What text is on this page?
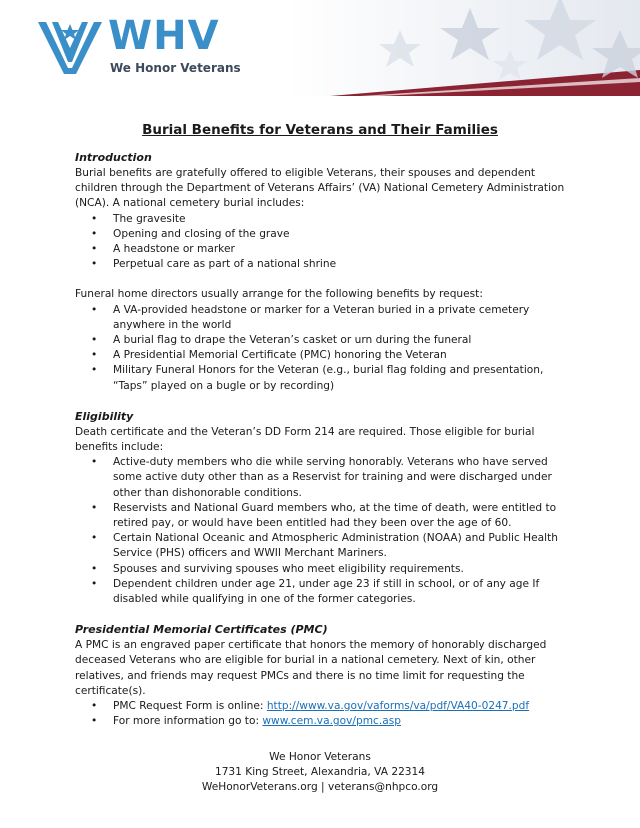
WHV
We Honor Veterans
Burial Benefits for Veterans and Their Families
Introduction
Burial benefits are gratefully offered to eligible Veterans, their spouses and dependent children through the Department of Veterans Affairs’ (VA) National Cemetery Administration (NCA). A national cemetery burial includes:
• The gravesite
• Opening and closing of the grave
• A headstone or marker
• Perpetual care as part of a national shrine
Funeral home directors usually arrange for the following benefits by request:
• A VA-provided headstone or marker for a Veteran buried in a private cemetery anywhere in the world
• A burial flag to drape the Veteran’s casket or urn during the funeral
• A Presidential Memorial Certificate (PMC) honoring the Veteran
• Military Funeral Honors for the Veteran (e.g., burial flag folding and presentation, “Taps” played on a bugle or by recording)
Eligibility
Death certificate and the Veteran’s DD Form 214 are required. Those eligible for burial benefits include:
• Active-duty members who die while serving honorably. Veterans who have served some active duty other than as a Reservist for training and were discharged under other than dishonorable conditions.
• Reservists and National Guard members who, at the time of death, were entitled to retired pay, or would have been entitled had they been over the age of 60.
• Certain National Oceanic and Atmospheric Administration (NOAA) and Public Health Service (PHS) officers and WWII Merchant Mariners.
• Spouses and surviving spouses who meet eligibility requirements.
• Dependent children under age 21, under age 23 if still in school, or of any age If disabled while qualifying in one of the former categories.
Presidential Memorial Certificates (PMC)
A PMC is an engraved paper certificate that honors the memory of honorably discharged deceased Veterans who are eligible for burial in a national cemetery. Next of kin, other relatives, and friends may request PMCs and there is no time limit for requesting the certificate(s).
• PMC Request Form is online: http://www.va.gov/vaforms/va/pdf/VA40-0247.pdf
• For more information go to: www.cem.va.gov/pmc.asp
We Honor Veterans
1731 King Street, Alexandria, VA 22314
WeHonorVeterans.org | veterans@nhpco.org
